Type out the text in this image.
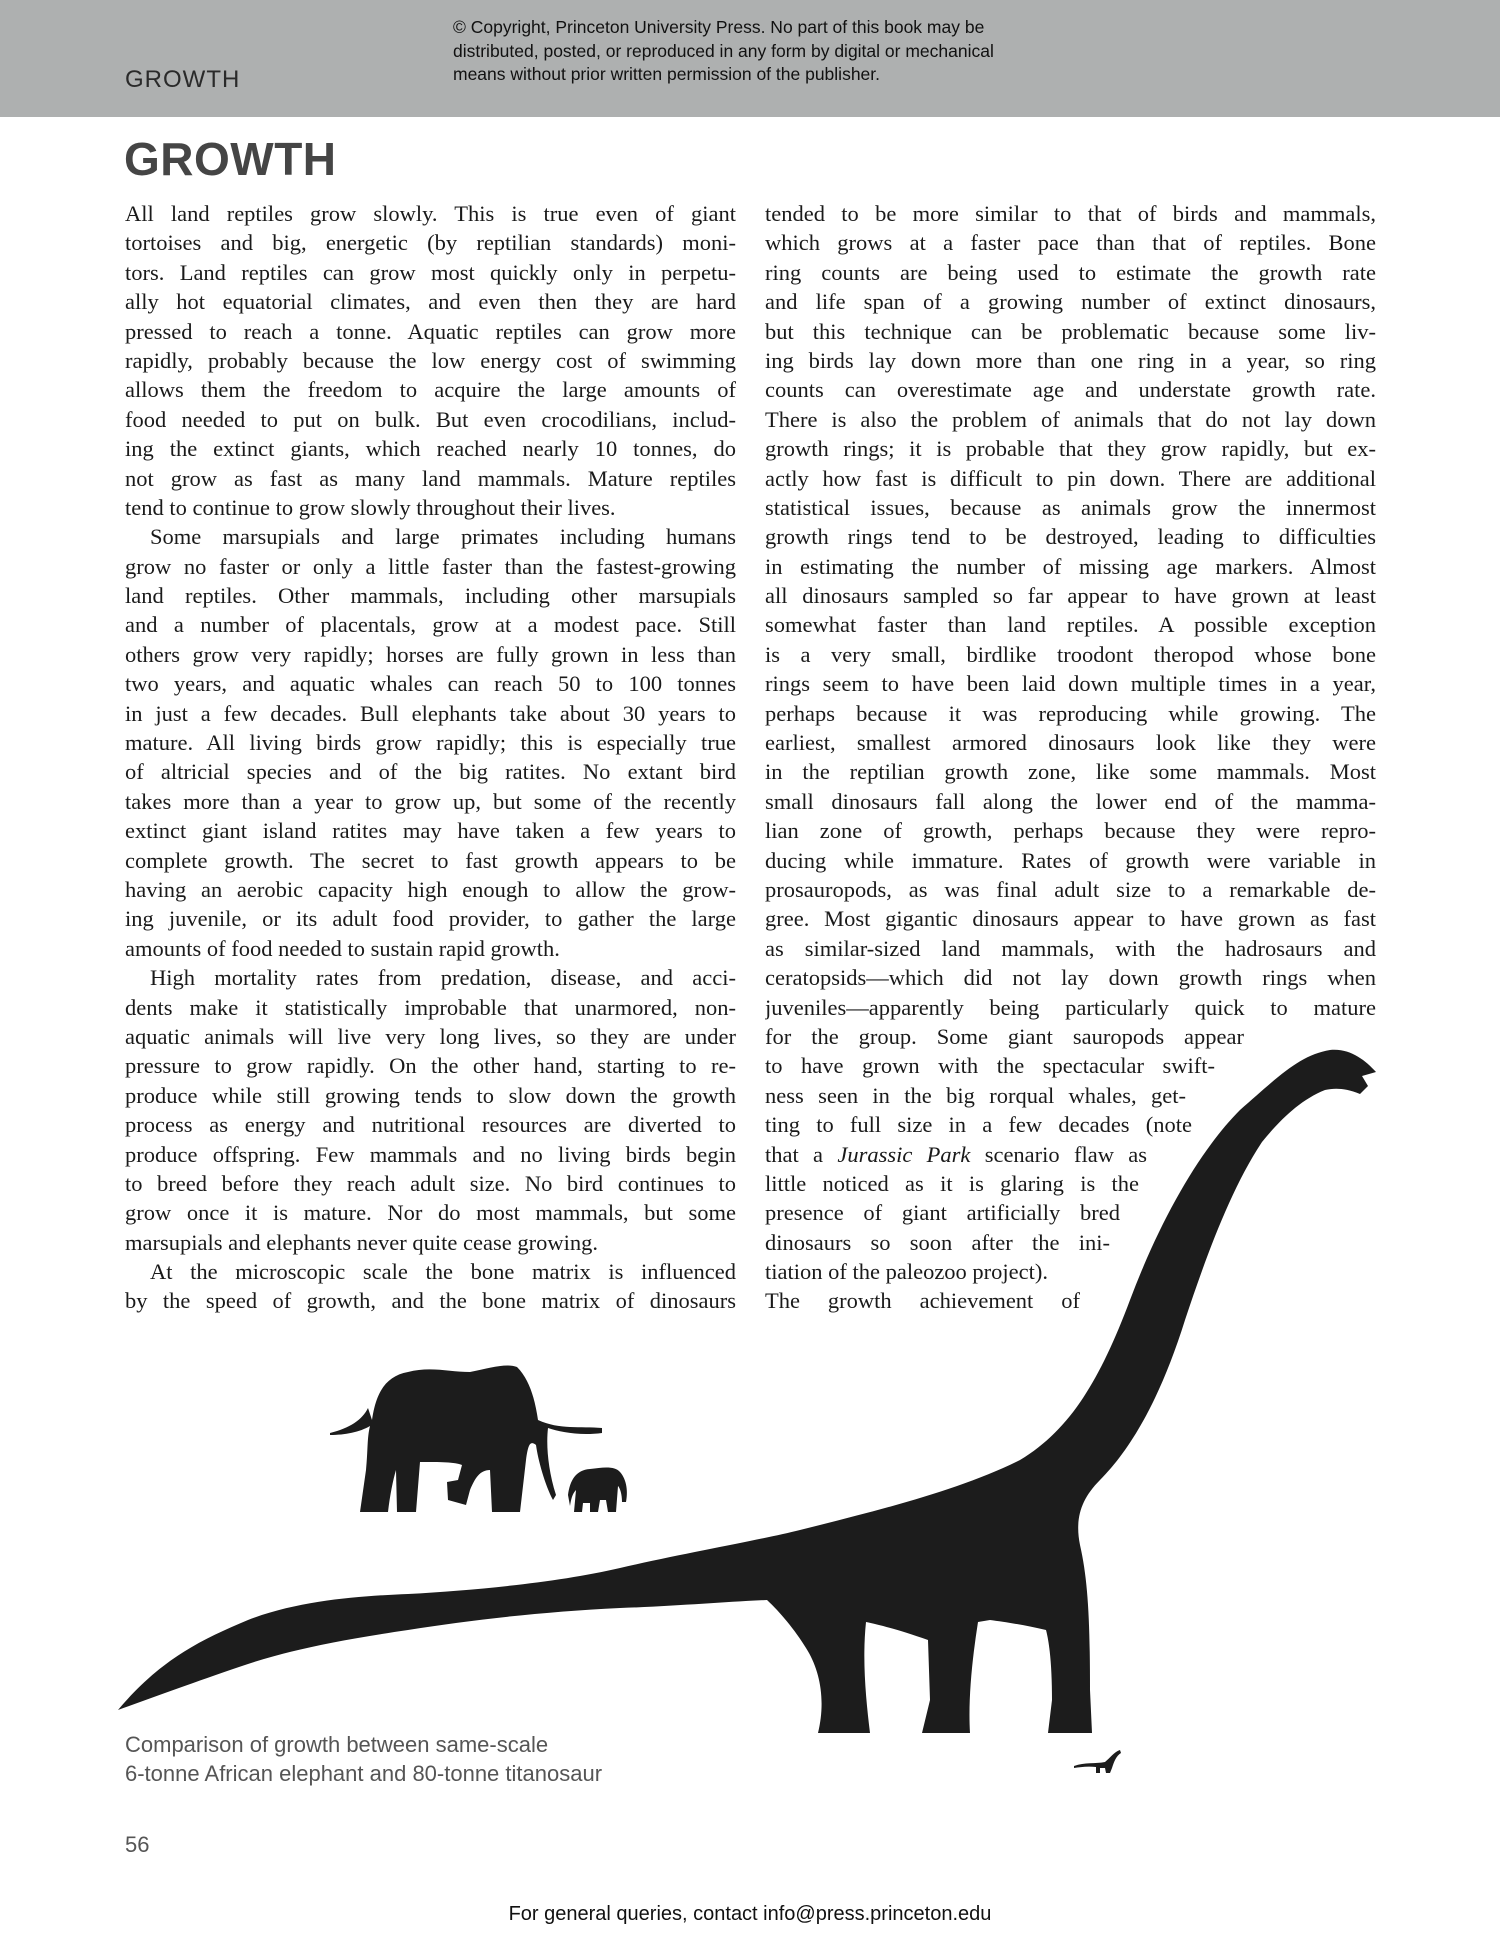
GROWTH
© Copyright, Princeton University Press. No part of this book may be
distributed, posted, or reproduced in any form by digital or mechanical
means without prior written permission of the publisher.
GROWTH
All land reptiles grow slowly. This is true even of giant
tortoises and big, energetic (by reptilian standards) moni-
tors. Land reptiles can grow most quickly only in perpetu-
ally hot equatorial climates, and even then they are hard
pressed to reach a tonne. Aquatic reptiles can grow more
rapidly, probably because the low energy cost of swimming
allows them the freedom to acquire the large amounts of
food needed to put on bulk. But even crocodilians, includ-
ing the extinct giants, which reached nearly 10 tonnes, do
not grow as fast as many land mammals. Mature reptiles
tend to continue to grow slowly throughout their lives.
Some marsupials and large primates including humans
grow no faster or only a little faster than the fastest-growing
land reptiles. Other mammals, including other marsupials
and a number of placentals, grow at a modest pace. Still
others grow very rapidly; horses are fully grown in less than
two years, and aquatic whales can reach 50 to 100 tonnes
in just a few decades. Bull elephants take about 30 years to
mature. All living birds grow rapidly; this is especially true
of altricial species and of the big ratites. No extant bird
takes more than a year to grow up, but some of the recently
extinct giant island ratites may have taken a few years to
complete growth. The secret to fast growth appears to be
having an aerobic capacity high enough to allow the grow-
ing juvenile, or its adult food provider, to gather the large
amounts of food needed to sustain rapid growth.
High mortality rates from predation, disease, and acci-
dents make it statistically improbable that unarmored, non-
aquatic animals will live very long lives, so they are under
pressure to grow rapidly. On the other hand, starting to re-
produce while still growing tends to slow down the growth
process as energy and nutritional resources are diverted to
produce offspring. Few mammals and no living birds begin
to breed before they reach adult size. No bird continues to
grow once it is mature. Nor do most mammals, but some
marsupials and elephants never quite cease growing.
At the microscopic scale the bone matrix is influenced
by the speed of growth, and the bone matrix of dinosaurs
tended to be more similar to that of birds and mammals,
which grows at a faster pace than that of reptiles. Bone
ring counts are being used to estimate the growth rate
and life span of a growing number of extinct dinosaurs,
but this technique can be problematic because some liv-
ing birds lay down more than one ring in a year, so ring
counts can overestimate age and understate growth rate.
There is also the problem of animals that do not lay down
growth rings; it is probable that they grow rapidly, but ex-
actly how fast is difficult to pin down. There are additional
statistical issues, because as animals grow the innermost
growth rings tend to be destroyed, leading to difficulties
in estimating the number of missing age markers. Almost
all dinosaurs sampled so far appear to have grown at least
somewhat faster than land reptiles. A possible exception
is a very small, birdlike troodont theropod whose bone
rings seem to have been laid down multiple times in a year,
perhaps because it was reproducing while growing. The
earliest, smallest armored dinosaurs look like they were
in the reptilian growth zone, like some mammals. Most
small dinosaurs fall along the lower end of the mamma-
lian zone of growth, perhaps because they were repro-
ducing while immature. Rates of growth were variable in
prosauropods, as was final adult size to a remarkable de-
gree. Most gigantic dinosaurs appear to have grown as fast
as similar-sized land mammals, with the hadrosaurs and
ceratopsids—which did not lay down growth rings when
juveniles—apparently being particularly quick to mature
for the group. Some giant sauropods appear
to have grown with the spectacular swift-
ness seen in the big rorqual whales, get-
ting to full size in a few decades (note
that a Jurassic Park scenario flaw as
little noticed as it is glaring is the
presence of giant artificially bred
dinosaurs so soon after the ini-
tiation of the paleozoo project).
The growth achievement of
Comparison of growth between same-scale
6-tonne African elephant and 80-tonne titanosaur
56
For general queries, contact info@press.princeton.edu
